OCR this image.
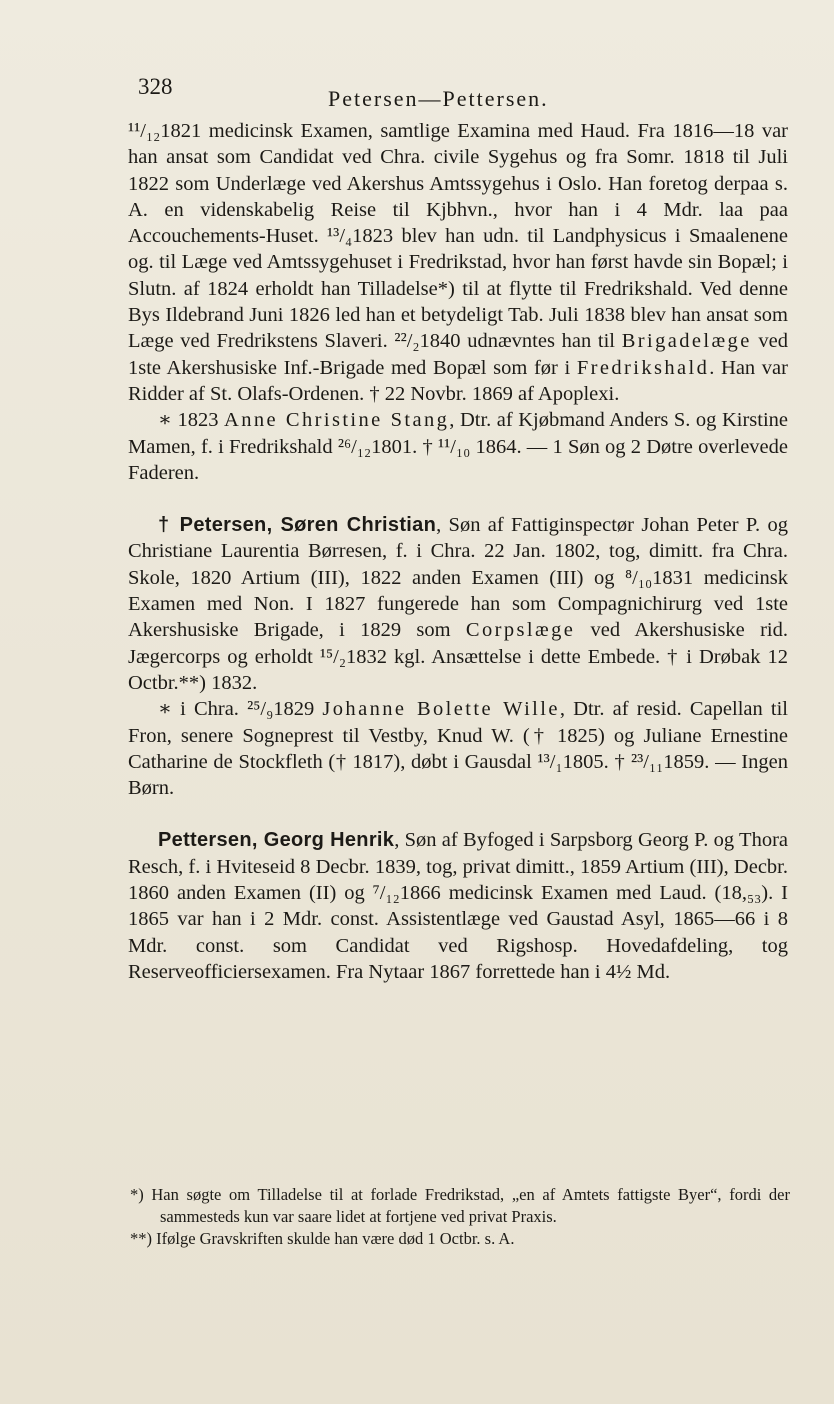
328	Petersen—Pettersen.

¹¹/₁₂1821 medicinsk Examen, samtlige Examina med Haud. Fra 1816—18 var han ansat som Candidat ved Chra. civile Sygehus og fra Somr. 1818 til Juli 1822 som Underlæge ved Akershus Amtssygehus i Oslo. Han foretog derpaa s. A. en videnskabelig Reise til Kjbhvn., hvor han i 4 Mdr. laa paa Accouchements-Huset. ¹³/₄1823 blev han udn. til Landphysicus i Smaalenene og. til Læge ved Amtssygehuset i Fredrikstad, hvor han først havde sin Bopæl; i Slutn. af 1824 erholdt han Tilladelse*) til at flytte til Fredrikshald. Ved denne Bys Ildebrand Juni 1826 led han et betydeligt Tab. Juli 1838 blev han ansat som Læge ved Fredrikstens Slaveri. ²²/₂1840 udnævntes han til Brigadelæge ved 1ste Akershusiske Inf.-Brigade med Bopæl som før i Fredrikshald. Han var Ridder af St. Olafs-Ordenen. † 22 Novbr. 1869 af Apoplexi.

∗ 1823 Anne Christine Stang, Dtr. af Kjøbmand Anders S. og Kirstine Mamen, f. i Fredrikshald ²⁶/₁₂1801. † ¹¹/₁₀ 1864. — 1 Søn og 2 Døtre overlevede Faderen.

† Petersen, Søren Christian, Søn af Fattiginspectør Johan Peter P. og Christiane Laurentia Børresen, f. i Chra. 22 Jan. 1802, tog, dimitt. fra Chra. Skole, 1820 Artium (III), 1822 anden Examen (III) og ⁸/₁₀1831 medicinsk Examen med Non. I 1827 fungerede han som Compagnichirurg ved 1ste Akershusiske Brigade, i 1829 som Corpslæge ved Akershusiske rid. Jægercorps og erholdt ¹⁵/₂1832 kgl. Ansættelse i dette Embede. † i Drøbak 12 Octbr.**) 1832.

∗ i Chra. ²⁵/₉1829 Johanne Bolette Wille, Dtr. af resid. Capellan til Fron, senere Sogneprest til Vestby, Knud W. († 1825) og Juliane Ernestine Catharine de Stockfleth († 1817), døbt i Gausdal ¹³/₁1805. † ²³/₁₁1859. — Ingen Børn.

Pettersen, Georg Henrik, Søn af Byfoged i Sarpsborg Georg P. og Thora Resch, f. i Hviteseid 8 Decbr. 1839, tog, privat dimitt., 1859 Artium (III), Decbr. 1860 anden Examen (II) og ⁷/₁₂1866 medicinsk Examen med Laud. (18,₅₃). I 1865 var han i 2 Mdr. const. Assistentlæge ved Gaustad Asyl, 1865—66 i 8 Mdr. const. som Candidat ved Rigshosp. Hovedafdeling, tog Reserveofficiersexamen. Fra Nytaar 1867 forrettede han i 4½ Md.

*) Han søgte om Tilladelse til at forlade Fredrikstad, „en af Amtets fattigste Byer“, fordi der sammesteds kun var saare lidet at fortjene ved privat Praxis.

**) Ifølge Gravskriften skulde han være død 1 Octbr. s. A.
